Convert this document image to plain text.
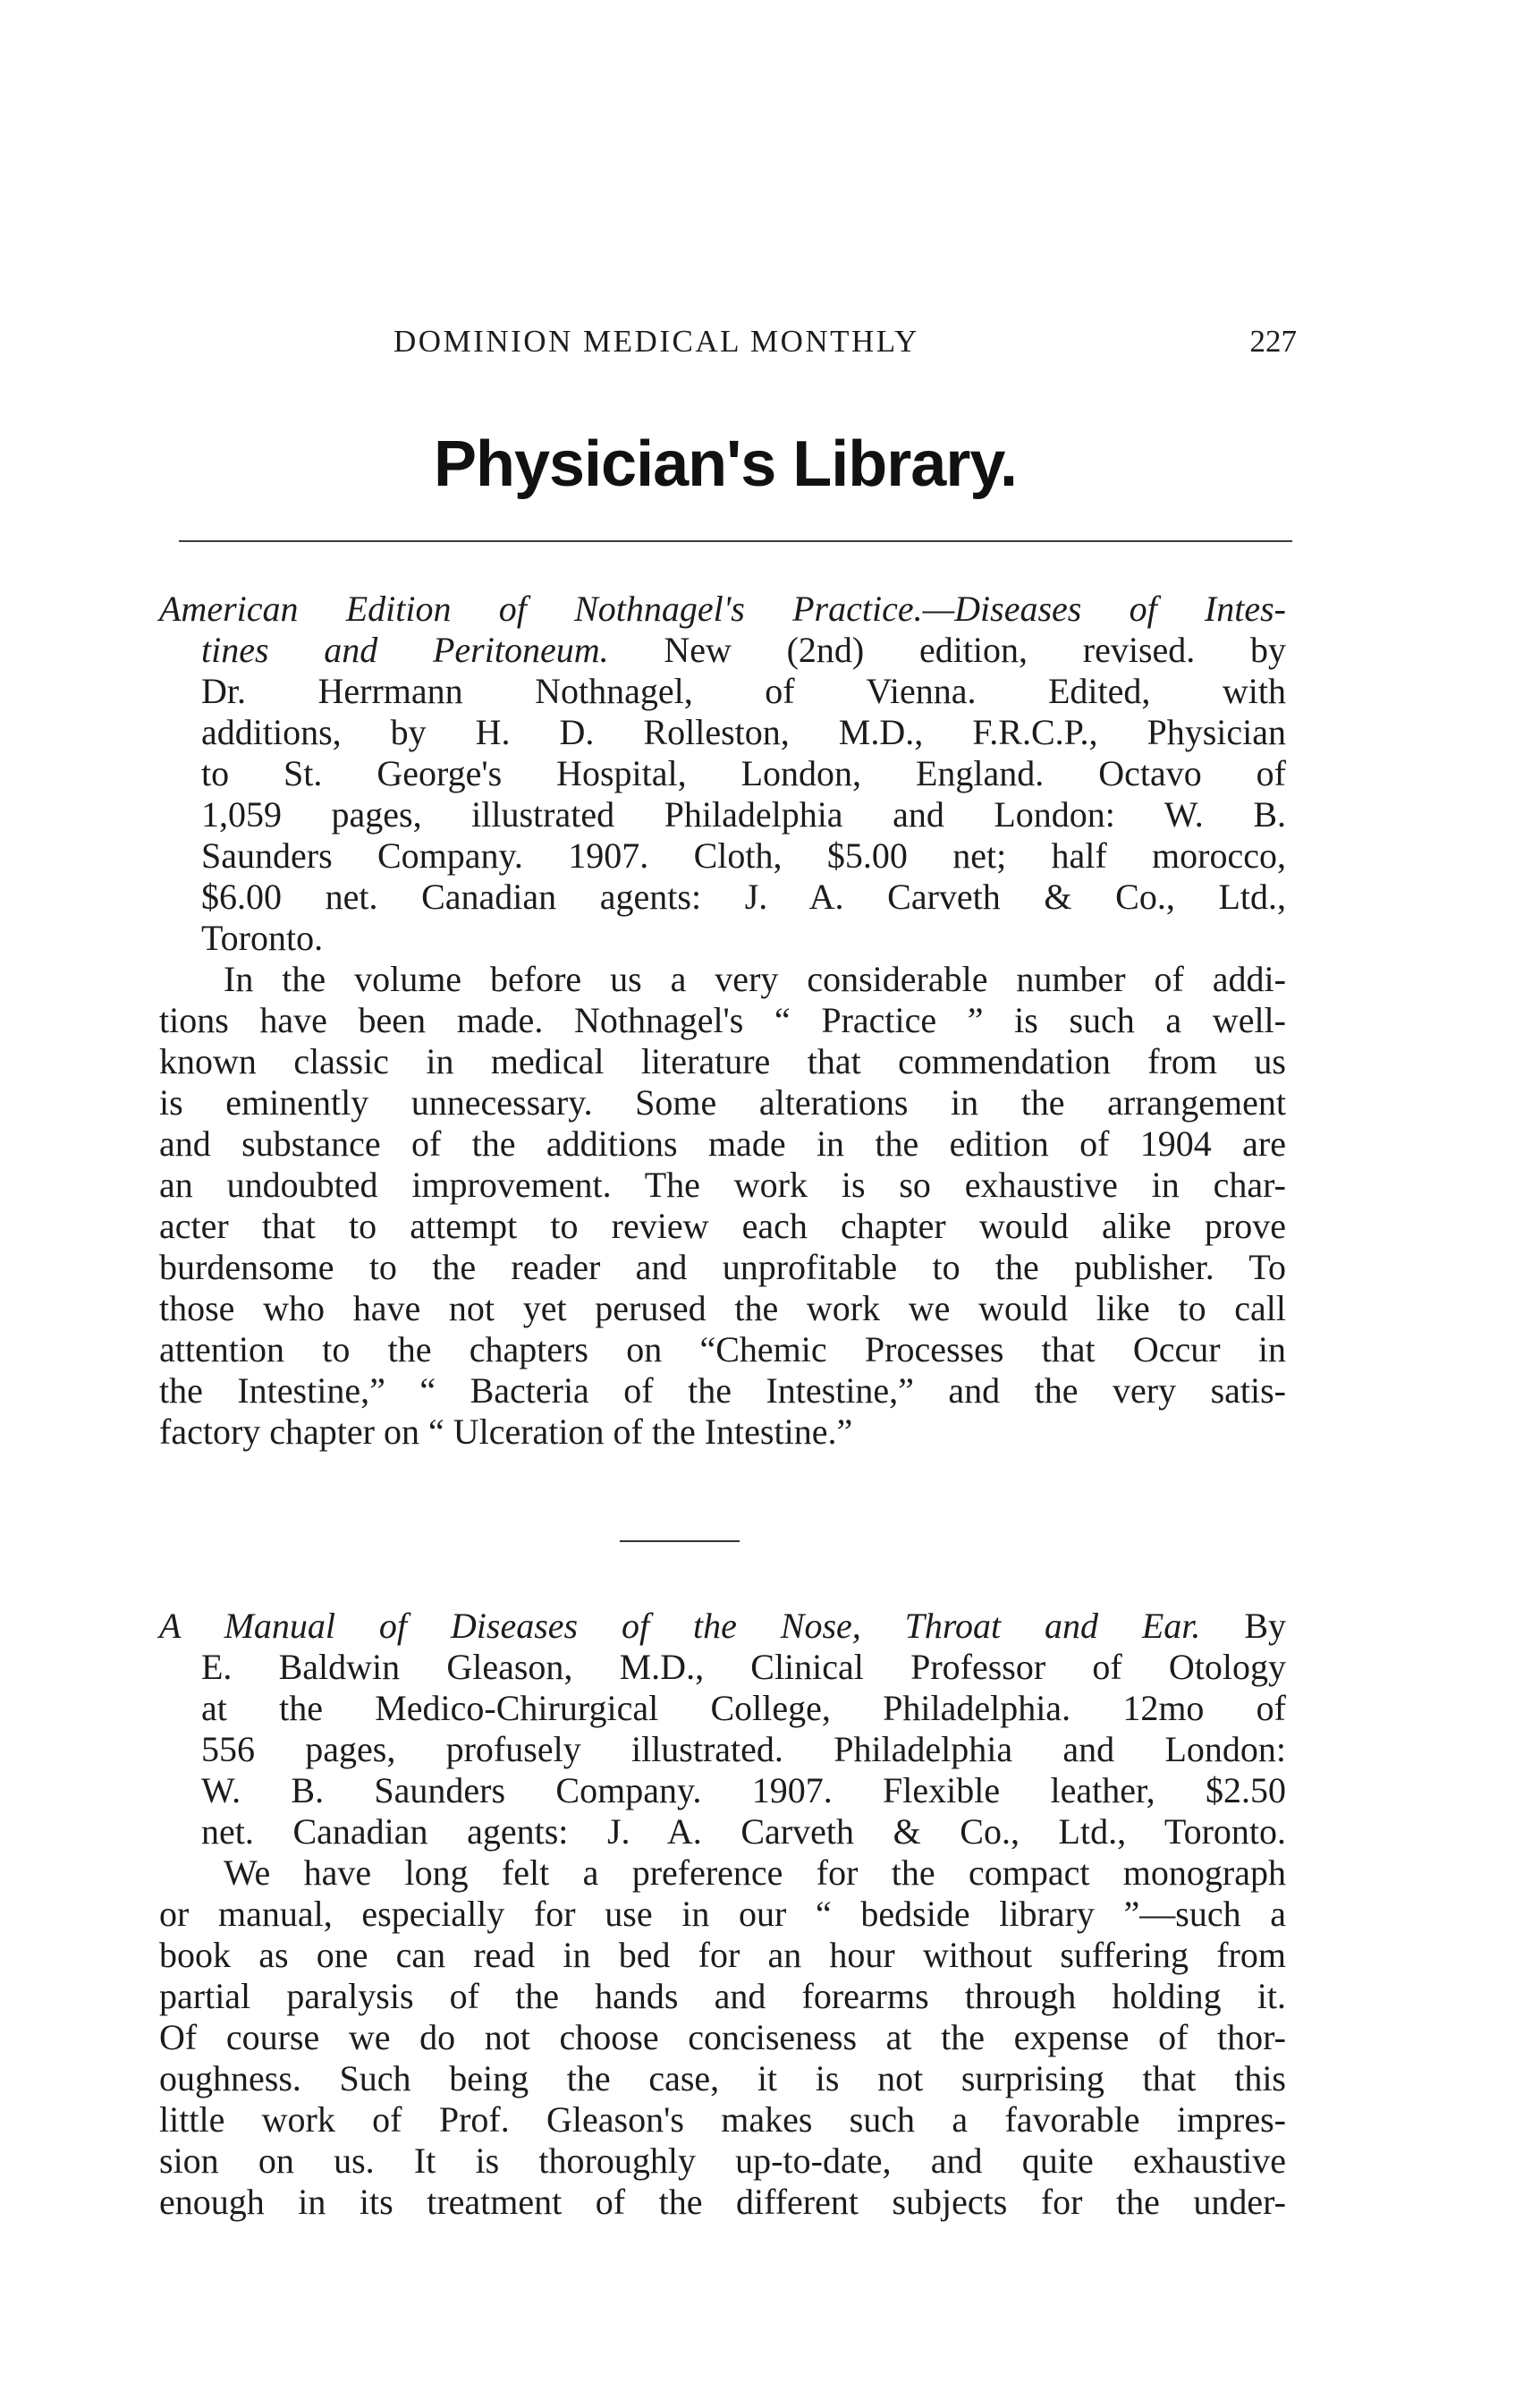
DOMINION MEDICAL MONTHLY	227
Physician's Library.
American Edition of Nothnagel's Practice.—Diseases of Intes-
tines and Peritoneum. New (2nd) edition, revised. by
Dr. Herrmann Nothnagel, of Vienna. Edited, with
additions, by H. D. Rolleston, M.D., F.R.C.P., Physician
to St. George's Hospital, London, England. Octavo of
1,059 pages, illustrated Philadelphia and London: W. B.
Saunders Company. 1907. Cloth, $5.00 net; half morocco,
$6.00 net. Canadian agents: J. A. Carveth & Co., Ltd.,
Toronto.
In the volume before us a very considerable number of addi-
tions have been made. Nothnagel's “ Practice ” is such a well-
known classic in medical literature that commendation from us
is eminently unnecessary. Some alterations in the arrangement
and substance of the additions made in the edition of 1904 are
an undoubted improvement. The work is so exhaustive in char-
acter that to attempt to review each chapter would alike prove
burdensome to the reader and unprofitable to the publisher. To
those who have not yet perused the work we would like to call
attention to the chapters on “Chemic Processes that Occur in
the Intestine,” “ Bacteria of the Intestine,” and the very satis-
factory chapter on “ Ulceration of the Intestine.”
A Manual of Diseases of the Nose, Throat and Ear. By
E. Baldwin Gleason, M.D., Clinical Professor of Otology
at the Medico-Chirurgical College, Philadelphia. 12mo of
556 pages, profusely illustrated. Philadelphia and London:
W. B. Saunders Company. 1907. Flexible leather, $2.50
net. Canadian agents: J. A. Carveth & Co., Ltd., Toronto.
We have long felt a preference for the compact monograph
or manual, especially for use in our “ bedside library ”—such a
book as one can read in bed for an hour without suffering from
partial paralysis of the hands and forearms through holding it.
Of course we do not choose conciseness at the expense of thor-
oughness. Such being the case, it is not surprising that this
little work of Prof. Gleason's makes such a favorable impres-
sion on us. It is thoroughly up-to-date, and quite exhaustive
enough in its treatment of the different subjects for the under-
